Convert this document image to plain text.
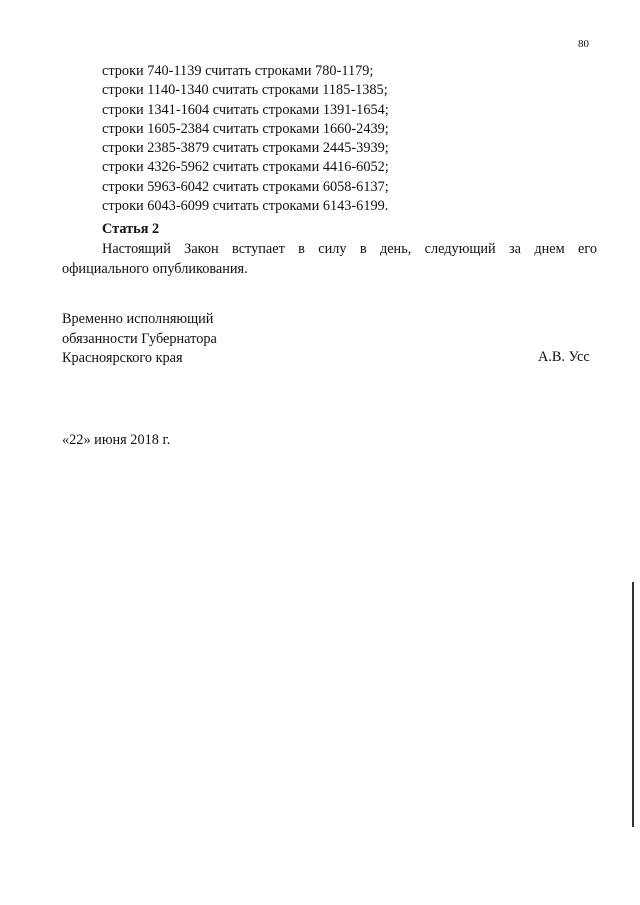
80
строки 740-1139 считать строками 780-1179;
строки 1140-1340 считать строками 1185-1385;
строки 1341-1604 считать строками 1391-1654;
строки 1605-2384 считать строками 1660-2439;
строки 2385-3879 считать строками 2445-3939;
строки 4326-5962 считать строками 4416-6052;
строки 5963-6042 считать строками 6058-6137;
строки 6043-6099 считать строками 6143-6199.
Статья 2
Настоящий Закон вступает в силу в день, следующий за днем его
официального опубликования.
Временно исполняющий
обязанности Губернатора
Красноярского края	А.В. Усс
«22» июня 2018 г.
